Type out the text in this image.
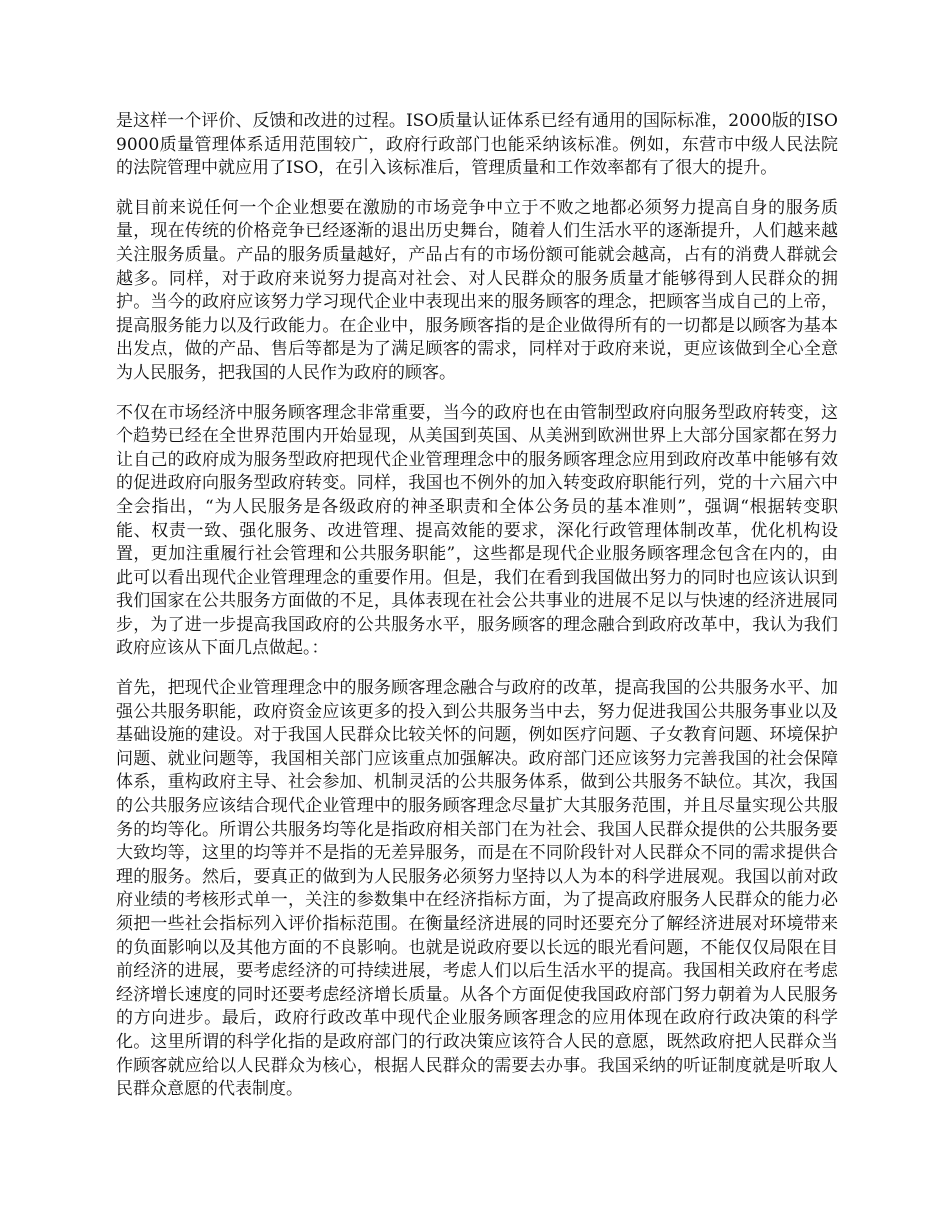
是这样一个评价、反馈和改进的过程。ISO质量认证体系已经有通用的国际标准，2000版的ISO9000质量管理体系适用范围较广，政府行政部门也能采纳该标准。例如，东营市中级人民法院的法院管理中就应用了ISO，在引入该标准后，管理质量和工作效率都有了很大的提升。

就目前来说任何一个企业想要在激励的市场竞争中立于不败之地都必须努力提高自身的服务质量，现在传统的价格竞争已经逐渐的退出历史舞台，随着人们生活水平的逐渐提升，人们越来越关注服务质量。产品的服务质量越好，产品占有的市场份额可能就会越高，占有的消费人群就会越多。同样，对于政府来说努力提高对社会、对人民群众的服务质量才能够得到人民群众的拥护。当今的政府应该努力学习现代企业中表现出来的服务顾客的理念，把顾客当成自己的上帝，提高服务能力以及行政能力。在企业中，服务顾客指的是企业做得所有的一切都是以顾客为基本出发点，做的产品、售后等都是为了满足顾客的需求，同样对于政府来说，更应该做到全心全意为人民服务，把我国的人民作为政府的顾客。

不仅在市场经济中服务顾客理念非常重要，当今的政府也在由管制型政府向服务型政府转变，这个趋势已经在全世界范围内开始显现，从美国到英国、从美洲到欧洲世界上大部分国家都在努力让自己的政府成为服务型政府把现代企业管理理念中的服务顾客理念应用到政府改革中能够有效的促进政府向服务型政府转变。同样，我国也不例外的加入转变政府职能行列，党的十六届六中全会指出，“为人民服务是各级政府的神圣职责和全体公务员的基本准则”，强调“根据转变职能、权责一致、强化服务、改进管理、提高效能的要求，深化行政管理体制改革，优化机构设置，更加注重履行社会管理和公共服务职能”，这些都是现代企业服务顾客理念包含在内的，由此可以看出现代企业管理理念的重要作用。但是，我们在看到我国做出努力的同时也应该认识到我们国家在公共服务方面做的不足，具体表现在社会公共事业的进展不足以与快速的经济进展同步，为了进一步提高我国政府的公共服务水平，服务顾客的理念融合到政府改革中，我认为我们政府应该从下面几点做起。：

首先，把现代企业管理理念中的服务顾客理念融合与政府的改革，提高我国的公共服务水平、加强公共服务职能，政府资金应该更多的投入到公共服务当中去，努力促进我国公共服务事业以及基础设施的建设。对于我国人民群众比较关怀的问题，例如医疗问题、子女教育问题、环境保护问题、就业问题等，我国相关部门应该重点加强解决。政府部门还应该努力完善我国的社会保障体系，重构政府主导、社会参加、机制灵活的公共服务体系，做到公共服务不缺位。其次，我国的公共服务应该结合现代企业管理中的服务顾客理念尽量扩大其服务范围，并且尽量实现公共服务的均等化。所谓公共服务均等化是指政府相关部门在为社会、我国人民群众提供的公共服务要大致均等，这里的均等并不是指的无差异服务，而是在不同阶段针对人民群众不同的需求提供合理的服务。然后，要真正的做到为人民服务必须努力坚持以人为本的科学进展观。我国以前对政府业绩的考核形式单一，关注的参数集中在经济指标方面，为了提高政府服务人民群众的能力必须把一些社会指标列入评价指标范围。在衡量经济进展的同时还要充分了解经济进展对环境带来的负面影响以及其他方面的不良影响。也就是说政府要以长远的眼光看问题，不能仅仅局限在目前经济的进展，要考虑经济的可持续进展，考虑人们以后生活水平的提高。我国相关政府在考虑经济增长速度的同时还要考虑经济增长质量。从各个方面促使我国政府部门努力朝着为人民服务的方向进步。最后，政府行政改革中现代企业服务顾客理念的应用体现在政府行政决策的科学化。这里所谓的科学化指的是政府部门的行政决策应该符合人民的意愿，既然政府把人民群众当作顾客就应给以人民群众为核心，根据人民群众的需要去办事。我国采纳的听证制度就是听取人民群众意愿的代表制度。
